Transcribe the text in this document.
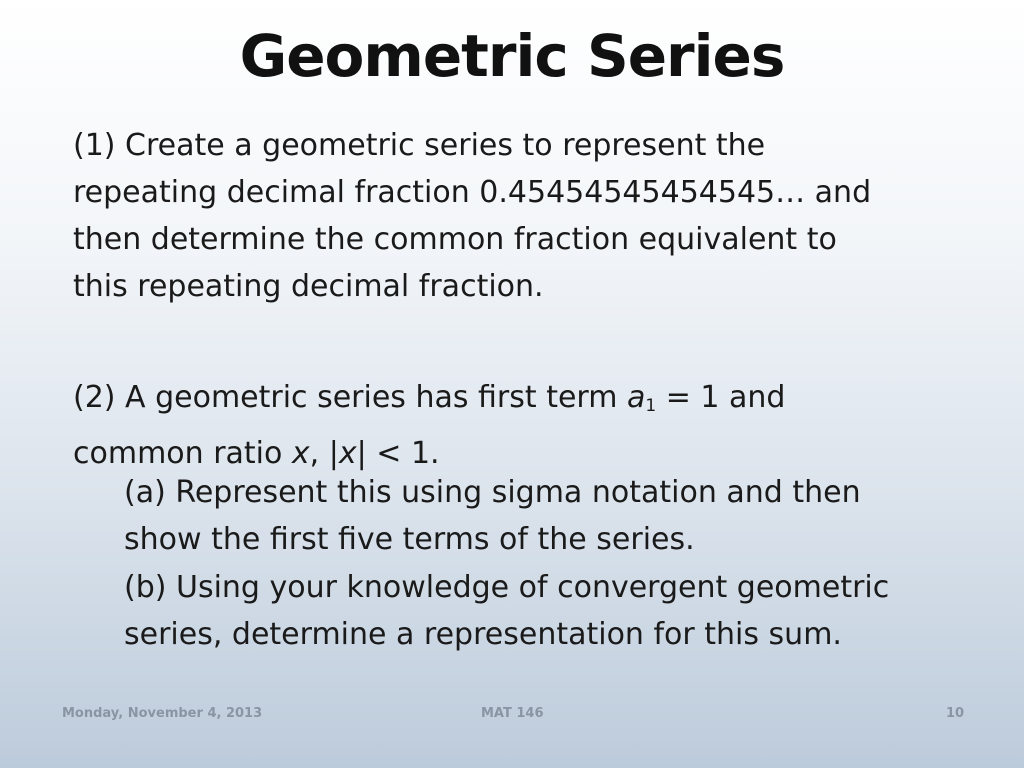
Geometric Series
(1) Create a geometric series to represent the
repeating decimal fraction 0.45454545454545… and
then determine the common fraction equivalent to
this repeating decimal fraction.
(2) A geometric series has first term $a_1 = 1$ and
common ratio x, |x| < 1.
(a) Represent this using sigma notation and then
show the first five terms of the series.
(b) Using your knowledge of convergent geometric
series, determine a representation for this sum.
Monday, November 4, 2013	MAT 146	10
